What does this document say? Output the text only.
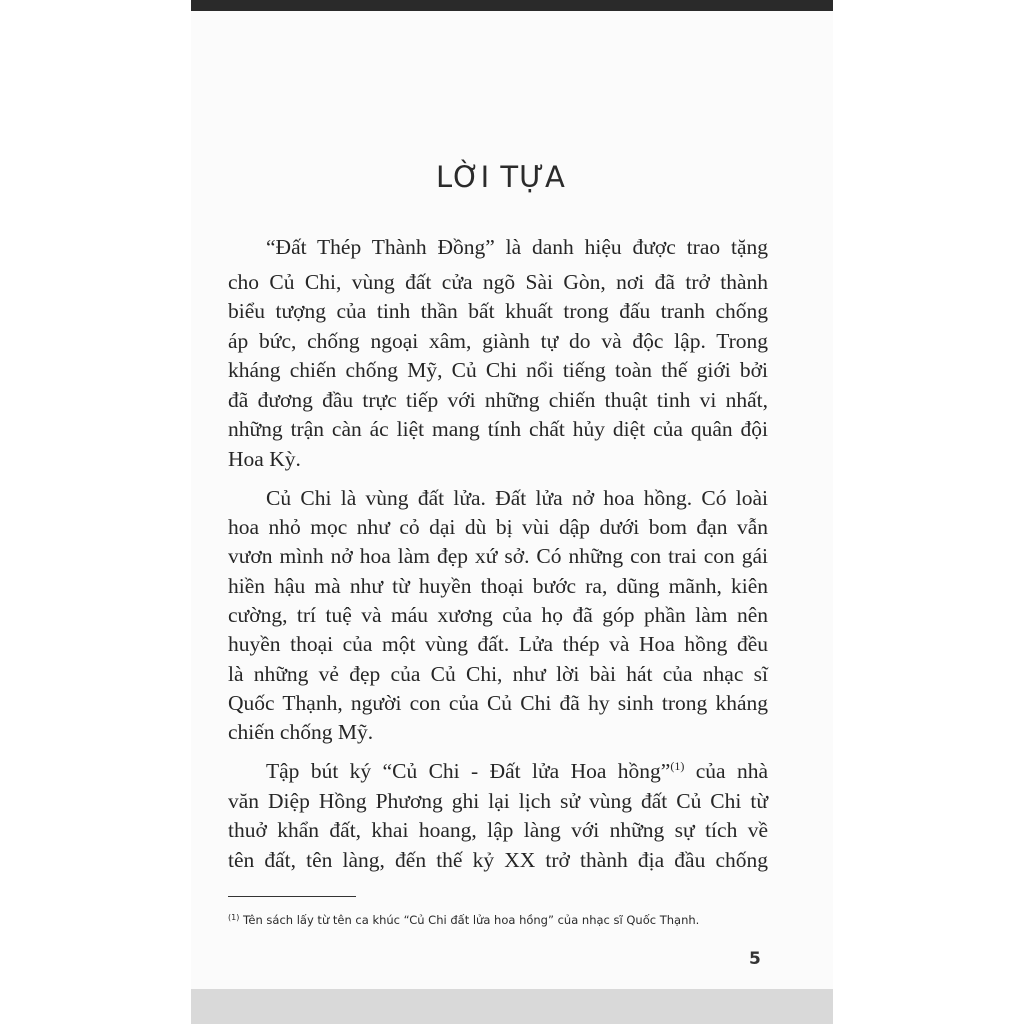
LỜI TỰA
“Đất Thép Thành Đồng” là danh hiệu được trao tặng
cho Củ Chi, vùng đất cửa ngõ Sài Gòn, nơi đã trở thành
biểu tượng của tinh thần bất khuất trong đấu tranh chống
áp bức, chống ngoại xâm, giành tự do và độc lập. Trong
kháng chiến chống Mỹ, Củ Chi nổi tiếng toàn thế giới bởi
đã đương đầu trực tiếp với những chiến thuật tinh vi nhất,
những trận càn ác liệt mang tính chất hủy diệt của quân đội
Hoa Kỳ.
Củ Chi là vùng đất lửa. Đất lửa nở hoa hồng. Có loài
hoa nhỏ mọc như cỏ dại dù bị vùi dập dưới bom đạn vẫn
vươn mình nở hoa làm đẹp xứ sở. Có những con trai con gái
hiền hậu mà như từ huyền thoại bước ra, dũng mãnh, kiên
cường, trí tuệ và máu xương của họ đã góp phần làm nên
huyền thoại của một vùng đất. Lửa thép và Hoa hồng đều
là những vẻ đẹp của Củ Chi, như lời bài hát của nhạc sĩ
Quốc Thạnh, người con của Củ Chi đã hy sinh trong kháng
chiến chống Mỹ.
Tập bút ký “Củ Chi - Đất lửa Hoa hồng”$^{(1)}$ của nhà
văn Diệp Hồng Phương ghi lại lịch sử vùng đất Củ Chi từ
thuở khẩn đất, khai hoang, lập làng với những sự tích về
tên đất, tên làng, đến thế kỷ XX trở thành địa đầu chống
$^{(1)}$ Tên sách lấy từ tên ca khúc “Củ Chi đất lửa hoa hồng” của nhạc sĩ Quốc Thạnh.
5
